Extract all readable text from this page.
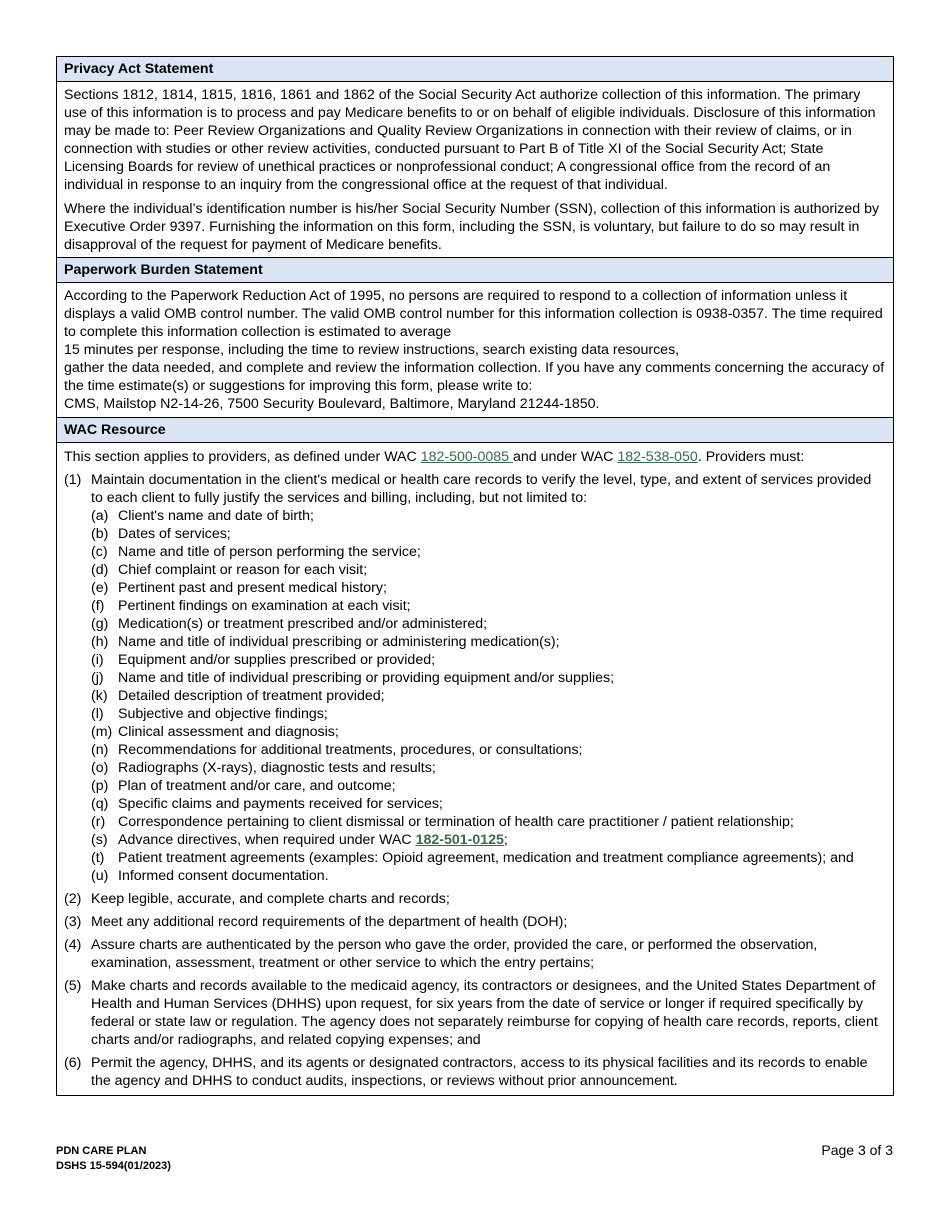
Privacy Act Statement

Sections 1812, 1814, 1815, 1816, 1861 and 1862 of the Social Security Act authorize collection of this information. The primary use of this information is to process and pay Medicare benefits to or on behalf of eligible individuals. Disclosure of this information may be made to: Peer Review Organizations and Quality Review Organizations in connection with their review of claims, or in connection with studies or other review activities, conducted pursuant to Part B of Title XI of the Social Security Act; State Licensing Boards for review of unethical practices or nonprofessional conduct; A congressional office from the record of an individual in response to an inquiry from the congressional office at the request of that individual.

Where the individual’s identification number is his/her Social Security Number (SSN), collection of this information is authorized by Executive Order 9397. Furnishing the information on this form, including the SSN, is voluntary, but failure to do so may result in disapproval of the request for payment of Medicare benefits.

Paperwork Burden Statement
According to the Paperwork Reduction Act of 1995, no persons are required to respond to a collection of information unless it displays a valid OMB control number. The valid OMB control number for this information collection is 0938-0357. The time required to complete this information collection is estimated to average
15 minutes per response, including the time to review instructions, search existing data resources,
gather the data needed, and complete and review the information collection. If you have any comments concerning the accuracy of the time estimate(s) or suggestions for improving this form, please write to:
CMS, Mailstop N2-14-26, 7500 Security Boulevard, Baltimore, Maryland 21244-1850.
WAC Resource
This section applies to providers, as defined under WAC 182-500-0085 and under WAC 182-538-050. Providers must:
(1) Maintain documentation in the client's medical or health care records to verify the level, type, and extent of services provided to each client to fully justify the services and billing, including, but not limited to:
(a) Client's name and date of birth;
(b) Dates of services;
(c) Name and title of person performing the service;
(d) Chief complaint or reason for each visit;
(e) Pertinent past and present medical history;
(f) Pertinent findings on examination at each visit;
(g) Medication(s) or treatment prescribed and/or administered;
(h) Name and title of individual prescribing or administering medication(s);
(i)	Equipment and/or supplies prescribed or provided;
(j)	Name and title of individual prescribing or providing equipment and/or supplies;
(k) Detailed description of treatment provided;
(l)	Subjective and objective findings;
(m) Clinical assessment and diagnosis;
(n) Recommendations for additional treatments, procedures, or consultations;
(o) Radiographs (X-rays), diagnostic tests and results;
(p) Plan of treatment and/or care, and outcome;
(q) Specific claims and payments received for services;
(r) Correspondence pertaining to client dismissal or termination of health care practitioner / patient relationship;
(s) Advance directives, when required under WAC 182-501-0125;
(t) Patient treatment agreements (examples: Opioid agreement, medication and treatment compliance agreements); and
(u) Informed consent documentation.
(2) Keep legible, accurate, and complete charts and records;
(3) Meet any additional record requirements of the department of health (DOH);
(4) Assure charts are authenticated by the person who gave the order, provided the care, or performed the observation, examination, assessment, treatment or other service to which the entry pertains;
(5) Make charts and records available to the medicaid agency, its contractors or designees, and the United States Department of Health and Human Services (DHHS) upon request, for six years from the date of service or longer if required specifically by federal or state law or regulation. The agency does not separately reimburse for copying of health care records, reports, client charts and/or radiographs, and related copying expenses; and
(6) Permit the agency, DHHS, and its agents or designated contractors, access to its physical facilities and its records to enable the agency and DHHS to conduct audits, inspections, or reviews without prior announcement.
PDN CARE PLAN
DSHS 15-594(01/2023)
Page 3 of 3
